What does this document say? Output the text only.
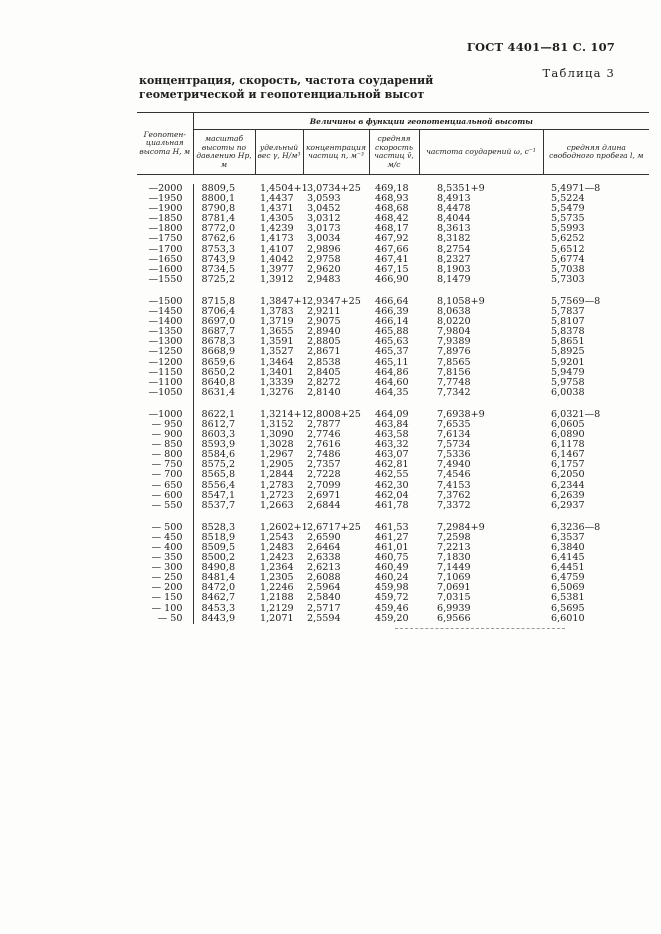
ГОСТ 4401—81 С. 107
Таблица 3
концентрация, скорость, частота соударений
геометрической и геопотенциальной высот
Геопотен-циальная высота H, м	Величины в функции геопотенциальной высоты					
	масштаб высоты по давлению Hр, м	удельный вес γ, Н/м³	концентрация частиц n, м⁻³	средняя скорость частиц v̄, м/с	частота соударений ω, с⁻¹	средняя длина свободного пробега l, м
—2000	8809,5	1,4504+1	3,0734+25	469,18	8,5351+9	5,4971—8
—1950	8800,1	1,4437	3,0593	468,93	8,4913	5,5224
—1900	8790,8	1,4371	3,0452	468,68	8,4478	5,5479
—1850	8781,4	1,4305	3,0312	468,42	8,4044	5,5735
—1800	8772,0	1,4239	3,0173	468,17	8,3613	5,5993
—1750	8762,6	1,4173	3,0034	467,92	8,3182	5,6252
—1700	8753,3	1,4107	2,9896	467,66	8,2754	5,6512
—1650	8743,9	1,4042	2,9758	467,41	8,2327	5,6774
—1600	8734,5	1,3977	2,9620	467,15	8,1903	5,7038
—1550	8725,2	1,3912	2,9483	466,90	8,1479	5,7303

—1500	8715,8	1,3847+1	2,9347+25	466,64	8,1058+9	5,7569—8
—1450	8706,4	1,3783	2,9211	466,39	8,0638	5,7837
—1400	8697,0	1,3719	2,9075	466,14	8,0220	5,8107
—1350	8687,7	1,3655	2,8940	465,88	7,9804	5,8378
—1300	8678,3	1,3591	2,8805	465,63	7,9389	5,8651
—1250	8668,9	1,3527	2,8671	465,37	7,8976	5,8925
—1200	8659,6	1,3464	2,8538	465,11	7,8565	5,9201
—1150	8650,2	1,3401	2,8405	464,86	7,8156	5,9479
—1100	8640,8	1,3339	2,8272	464,60	7,7748	5,9758
—1050	8631,4	1,3276	2,8140	464,35	7,7342	6,0038

—1000	8622,1	1,3214+1	2,8008+25	464,09	7,6938+9	6,0321—8
— 950	8612,7	1,3152	2,7877	463,84	7,6535	6,0605
— 900	8603,3	1,3090	2,7746	463,58	7,6134	6,0890
— 850	8593,9	1,3028	2,7616	463,32	7,5734	6,1178
— 800	8584,6	1,2967	2,7486	463,07	7,5336	6,1467
— 750	8575,2	1,2905	2,7357	462,81	7,4940	6,1757
— 700	8565,8	1,2844	2,7228	462,55	7,4546	6,2050
— 650	8556,4	1,2783	2,7099	462,30	7,4153	6,2344
— 600	8547,1	1,2723	2,6971	462,04	7,3762	6,2639
— 550	8537,7	1,2663	2,6844	461,78	7,3372	6,2937

— 500	8528,3	1,2602+1	2,6717+25	461,53	7,2984+9	6,3236—8
— 450	8518,9	1,2543	2,6590	461,27	7,2598	6,3537
— 400	8509,5	1,2483	2,6464	461,01	7,2213	6,3840
— 350	8500,2	1,2423	2,6338	460,75	7,1830	6,4145
— 300	8490,8	1,2364	2,6213	460,49	7,1449	6,4451
— 250	8481,4	1,2305	2,6088	460,24	7,1069	6,4759
— 200	8472,0	1,2246	2,5964	459,98	7,0691	6,5069
— 150	8462,7	1,2188	2,5840	459,72	7,0315	6,5381
— 100	8453,3	1,2129	2,5717	459,46	6,9939	6,5695
— 50	8443,9	1,2071	2,5594	459,20	6,9566	6,6010
